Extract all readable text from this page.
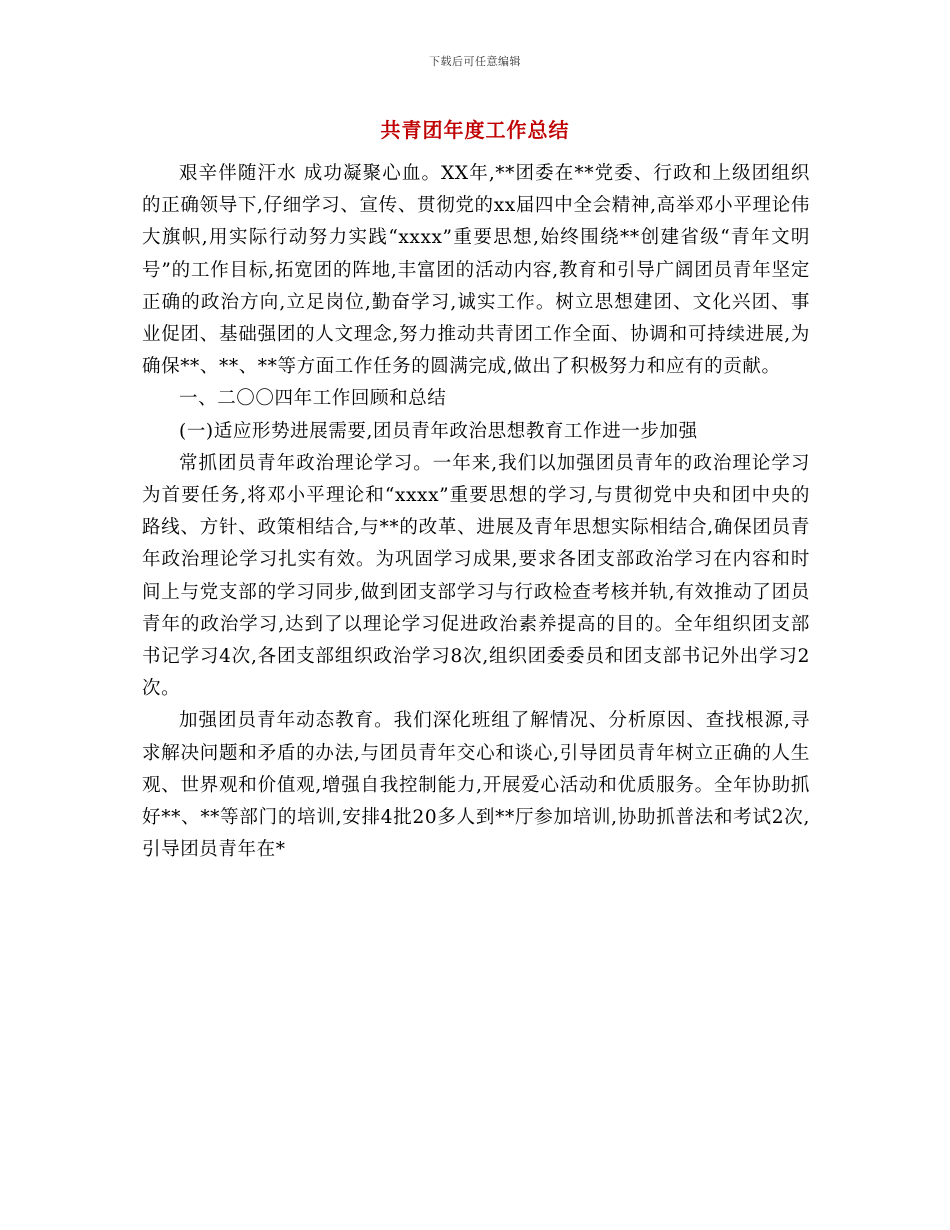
下载后可任意编辑
共青团年度工作总结

艰辛伴随汗水 成功凝聚心血。XX年,**团委在**党委、行政和上级团组织的正确领导下,仔细学习、宣传、贯彻党的xx届四中全会精神,高举邓小平理论伟大旗帜,用实际行动努力实践“xxxx”重要思想,始终围绕**创建省级“青年文明号”的工作目标,拓宽团的阵地,丰富团的活动内容,教育和引导广阔团员青年坚定正确的政治方向,立足岗位,勤奋学习,诚实工作。树立思想建团、文化兴团、事业促团、基础强团的人文理念,努力推动共青团工作全面、协调和可持续进展,为确保**、**、**等方面工作任务的圆满完成,做出了积极努力和应有的贡献。

一、二〇〇四年工作回顾和总结

(一)适应形势进展需要,团员青年政治思想教育工作进一步加强

常抓团员青年政治理论学习。一年来,我们以加强团员青年的政治理论学习为首要任务,将邓小平理论和“xxxx”重要思想的学习,与贯彻党中央和团中央的路线、方针、政策相结合,与**的改革、进展及青年思想实际相结合,确保团员青年政治理论学习扎实有效。为巩固学习成果,要求各团支部政治学习在内容和时间上与党支部的学习同步,做到团支部学习与行政检查考核并轨,有效推动了团员青年的政治学习,达到了以理论学习促进政治素养提高的目的。全年组织团支部书记学习4次,各团支部组织政治学习8次,组织团委委员和团支部书记外出学习2次。

加强团员青年动态教育。我们深化班组了解情况、分析原因、查找根源,寻求解决问题和矛盾的办法,与团员青年交心和谈心,引导团员青年树立正确的人生观、世界观和价值观,增强自我控制能力,开展爱心活动和优质服务。全年协助抓好**、**等部门的培训,安排4批20多人到**厅参加培训,协助抓普法和考试2次,引导团员青年在*
